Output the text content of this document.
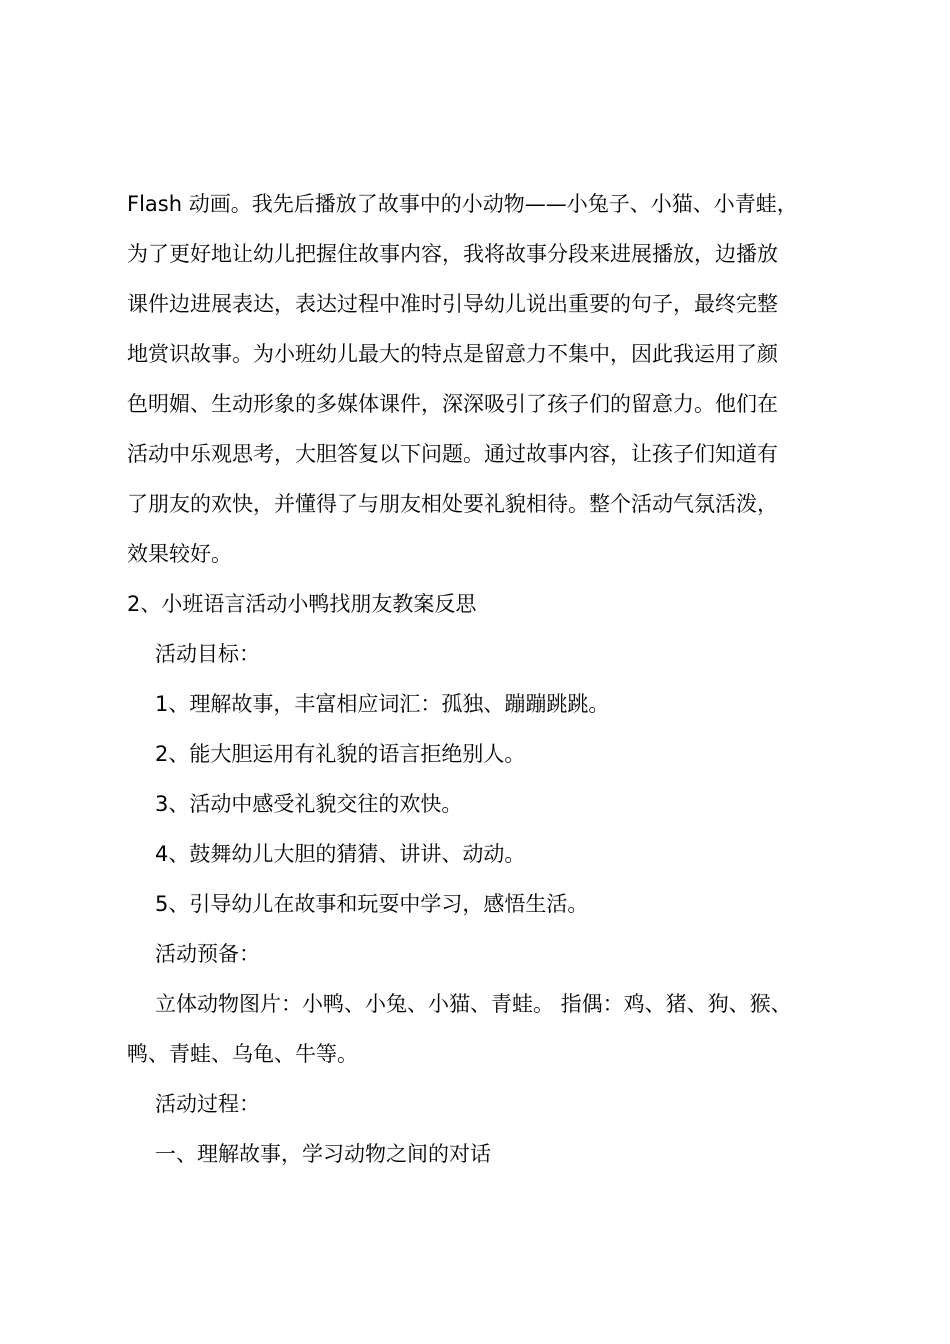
Flash 动画。我先后播放了故事中的小动物——小兔子、小猫、小青蛙，
为了更好地让幼儿把握住故事内容，我将故事分段来进展播放，边播放
课件边进展表达，表达过程中准时引导幼儿说出重要的句子，最终完整
地赏识故事。为小班幼儿最大的特点是留意力不集中，因此我运用了颜
色明媚、生动形象的多媒体课件，深深吸引了孩子们的留意力。他们在
活动中乐观思考，大胆答复以下问题。通过故事内容，让孩子们知道有
了朋友的欢快，并懂得了与朋友相处要礼貌相待。整个活动气氛活泼，
效果较好。
2、小班语言活动小鸭找朋友教案反思
活动目标：
1、理解故事，丰富相应词汇：孤独、蹦蹦跳跳。
2、能大胆运用有礼貌的语言拒绝别人。
3、活动中感受礼貌交往的欢快。
4、鼓舞幼儿大胆的猜猜、讲讲、动动。
5、引导幼儿在故事和玩耍中学习，感悟生活。
活动预备：
立体动物图片：小鸭、小兔、小猫、青蛙。 指偶：鸡、猪、狗、猴、
鸭、青蛙、乌龟、牛等。
活动过程：
一、理解故事，学习动物之间的对话
